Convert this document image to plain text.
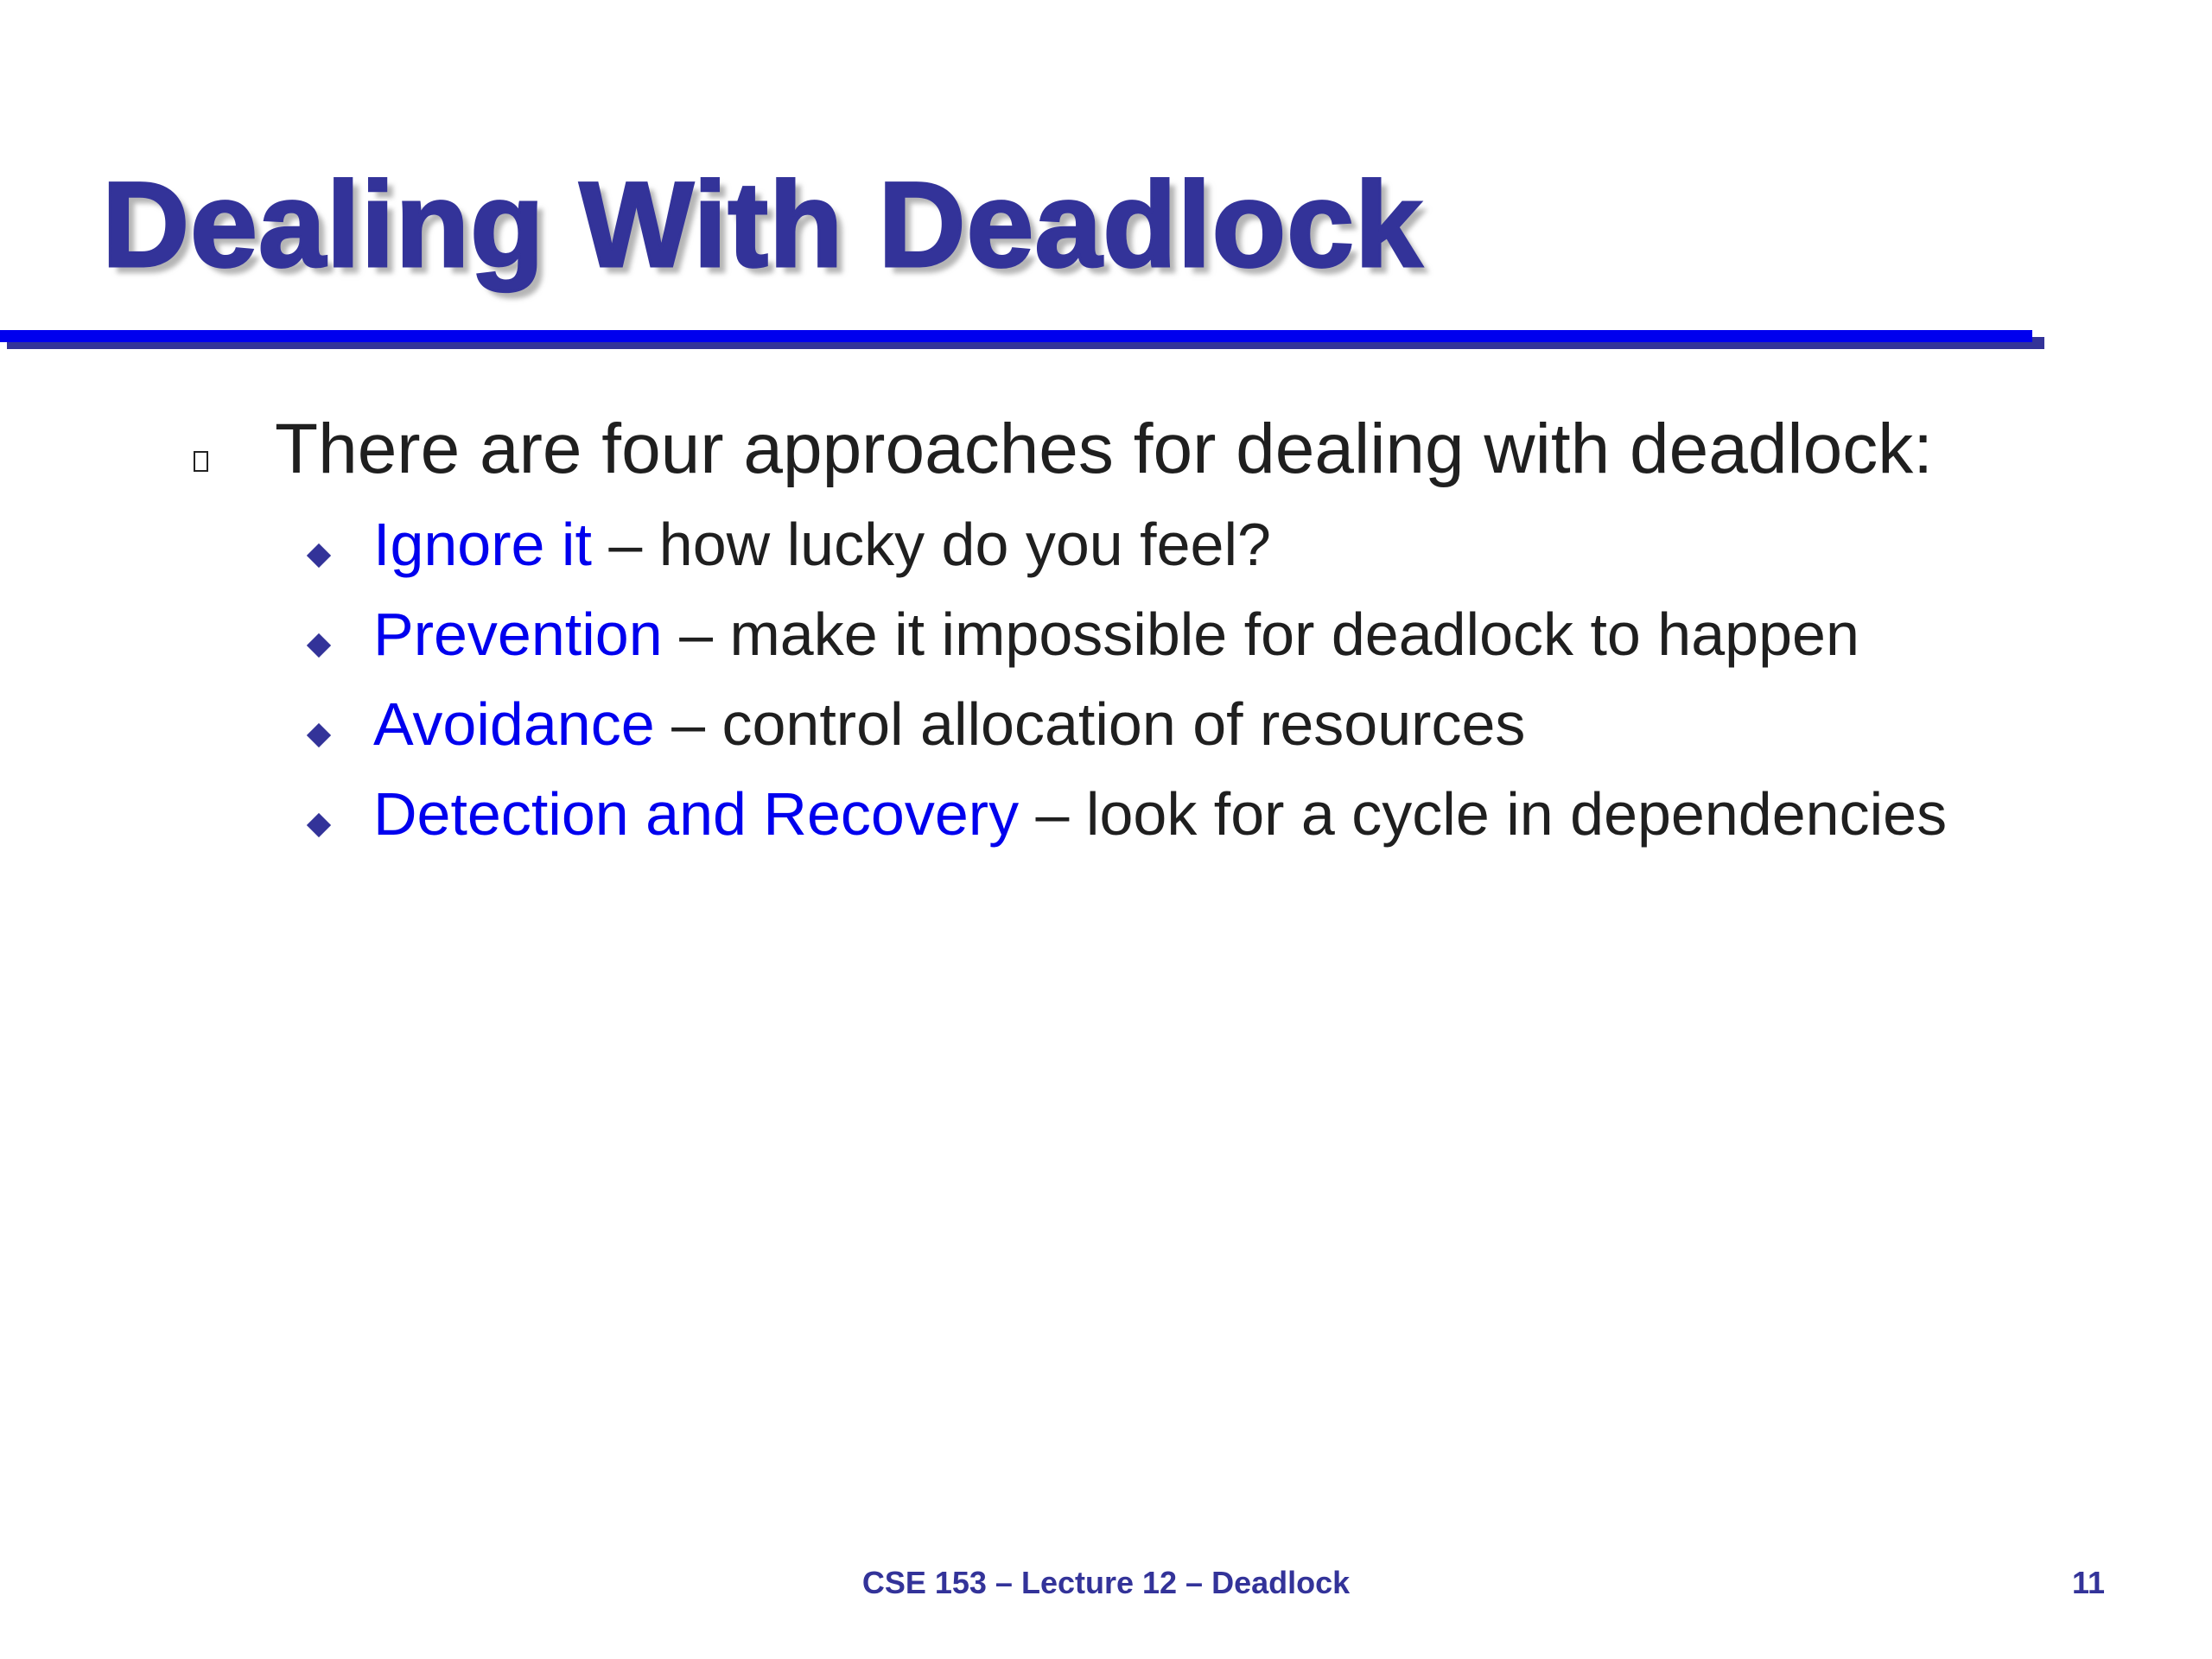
Dealing With Deadlock
There are four approaches for dealing with deadlock:
Ignore it – how lucky do you feel?
Prevention – make it impossible for deadlock to happen
Avoidance – control allocation of resources
Detection and Recovery – look for a cycle in dependencies
CSE 153 – Lecture 12 – Deadlock	11
